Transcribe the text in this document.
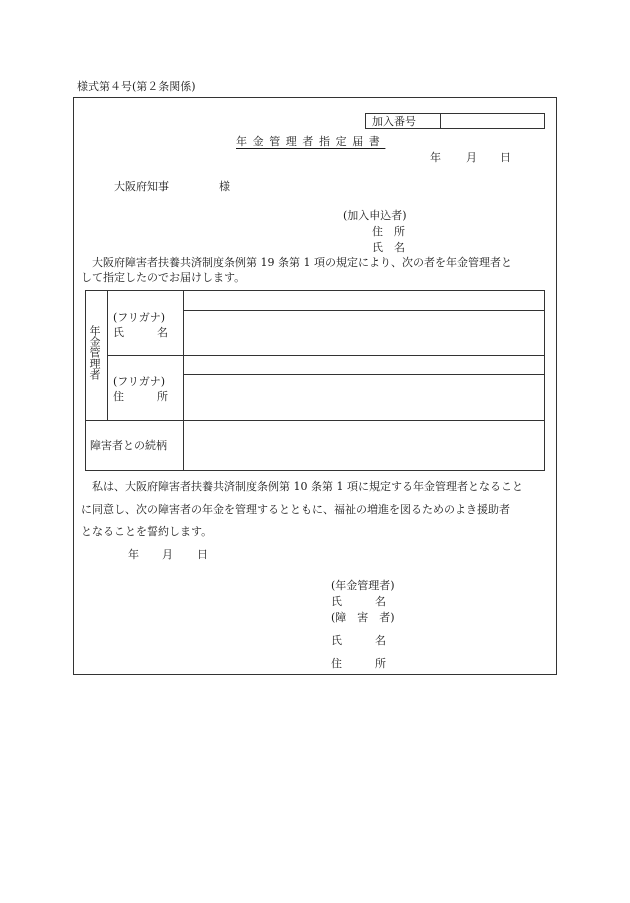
様式第４号(第２条関係)
加入番号
年金管理者指定届書
年 月 日
大阪府知事	様
(加入申込者)
住　所
氏　名
　大阪府障害者扶養共済制度条例第 19 条第 1 項の規定により、次の者を年金管理者と
して指定したのでお届けします。
年金管理者
(フリガナ)
氏　　　名
(フリガナ)
住　　　所
障害者との続柄
　私は、大阪府障害者扶養共済制度条例第 10 条第 1 項に規定する年金管理者となること
に同意し、次の障害者の年金を管理するとともに、福祉の増進を図るためのよき援助者
となることを誓約します。
年 月 日
(年金管理者)
氏　　　名
(障　害　者)
氏　　　名
住　　　所
